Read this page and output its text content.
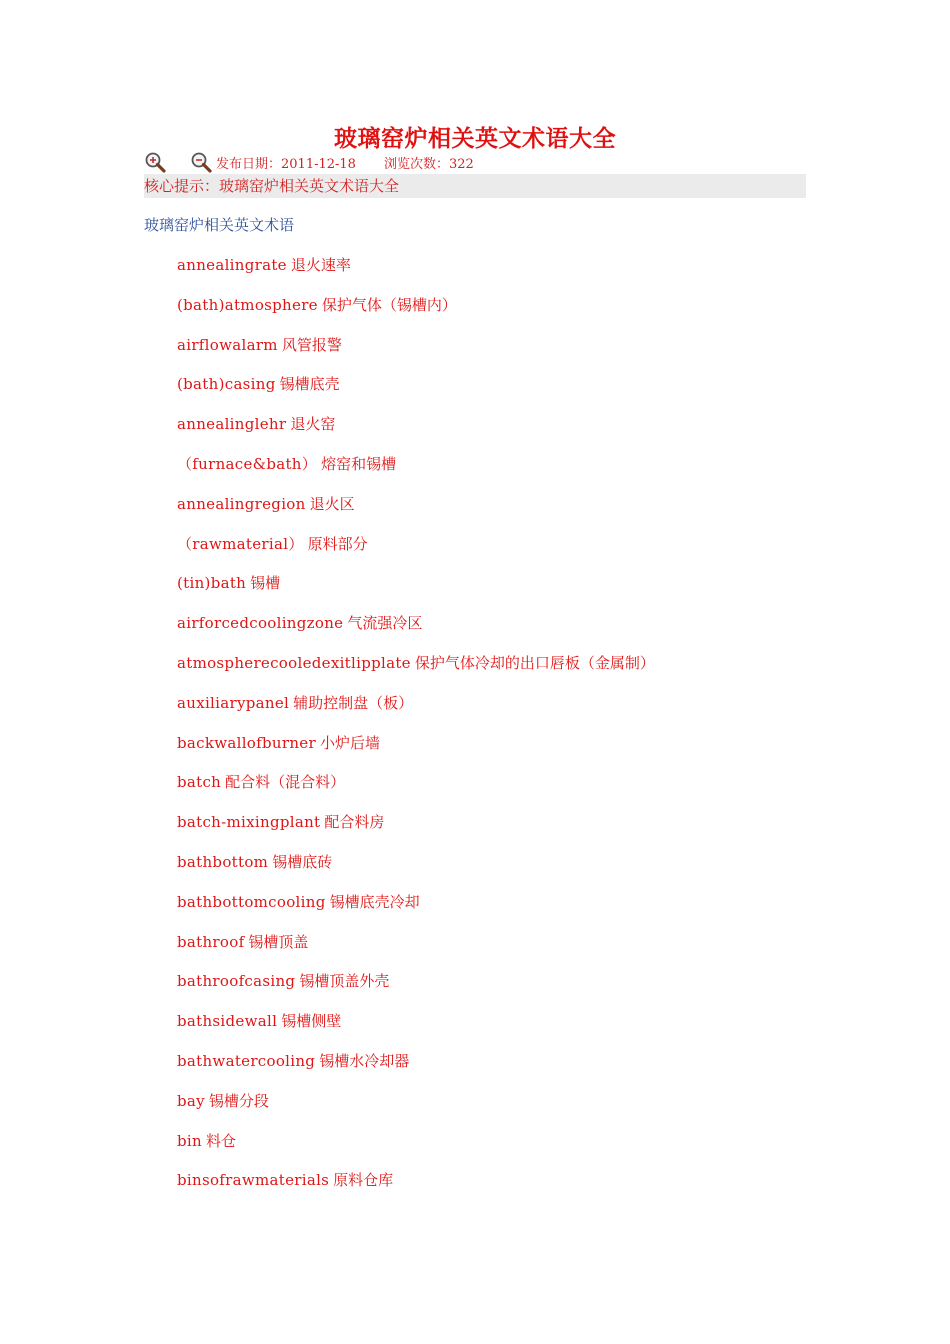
玻璃窑炉相关英文术语大全
发布日期：2011-12-18 浏览次数：322
核心提示：玻璃窑炉相关英文术语大全
玻璃窑炉相关英文术语
annealingrate 退火速率
(bath)atmosphere 保护气体（锡槽内）
airflowalarm 风管报警
(bath)casing 锡槽底壳
annealinglehr 退火窑
（furnace&bath） 熔窑和锡槽
annealingregion 退火区
（rawmaterial） 原料部分
(tin)bath 锡槽
airforcedcoolingzone 气流强冷区
atmospherecooledexitlipplate 保护气体冷却的出口唇板（金属制）
auxiliarypanel 辅助控制盘（板）
backwallofburner 小炉后墙
batch 配合料（混合料）
batch-mixingplant 配合料房
bathbottom 锡槽底砖
bathbottomcooling 锡槽底壳冷却
bathroof 锡槽顶盖
bathroofcasing 锡槽顶盖外壳
bathsidewall 锡槽侧壁
bathwatercooling 锡槽水冷却器
bay 锡槽分段
bin 料仓
binsofrawmaterials 原料仓库
